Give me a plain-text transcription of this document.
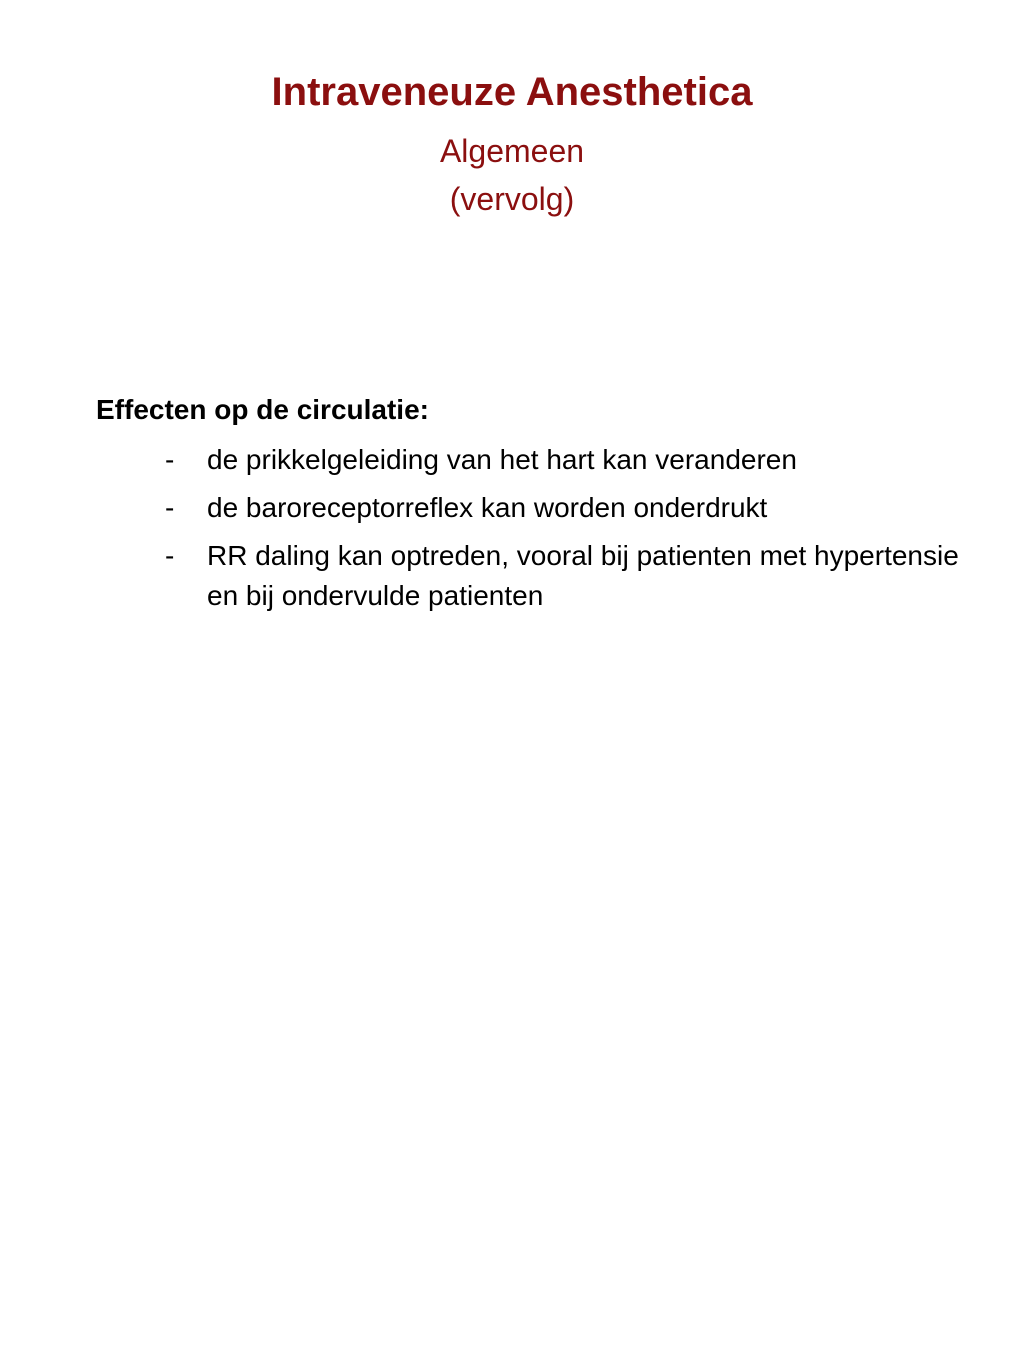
Intraveneuze Anesthetica
Algemeen
(vervolg)
Effecten op de circulatie:
- de prikkelgeleiding van het hart kan veranderen
- de baroreceptorreflex kan worden onderdrukt
- RR daling kan optreden, vooral bij patienten met hypertensie en bij ondervulde patienten
